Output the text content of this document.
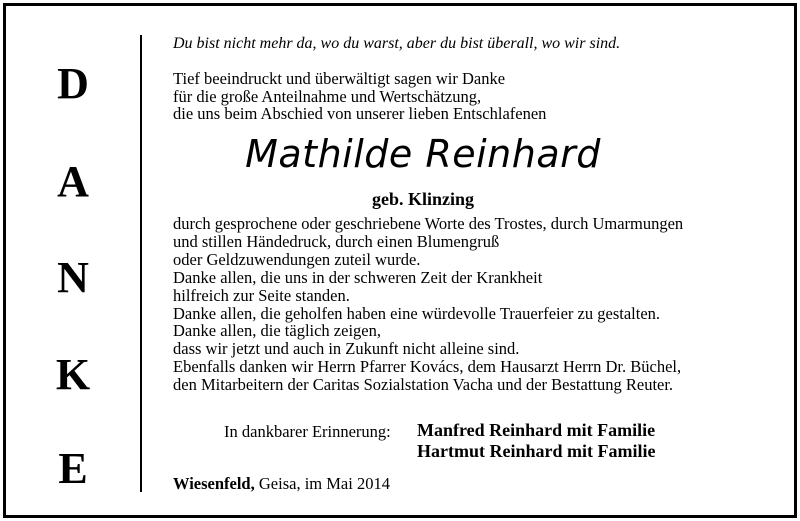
D
A
N
K
E
Du bist nicht mehr da, wo du warst, aber du bist überall, wo wir sind.
Tief beeindruckt und überwältigt sagen wir Danke
für die große Anteilnahme und Wertschätzung,
die uns beim Abschied von unserer lieben Entschlafenen
Mathilde Reinhard
geb. Klinzing
durch gesprochene oder geschriebene Worte des Trostes, durch Umarmungen
und stillen Händedruck, durch einen Blumengruß
oder Geldzuwendungen zuteil wurde.
Danke allen, die uns in der schweren Zeit der Krankheit
hilfreich zur Seite standen.
Danke allen, die geholfen haben eine würdevolle Trauerfeier zu gestalten.
Danke allen, die täglich zeigen,
dass wir jetzt und auch in Zukunft nicht alleine sind.
Ebenfalls danken wir Herrn Pfarrer Kovács, dem Hausarzt Herrn Dr. Büchel,
den Mitarbeitern der Caritas Sozialstation Vacha und der Bestattung Reuter.
In dankbarer Erinnerung: Manfred Reinhard mit Familie
Hartmut Reinhard mit Familie
Wiesenfeld, Geisa, im Mai 2014
